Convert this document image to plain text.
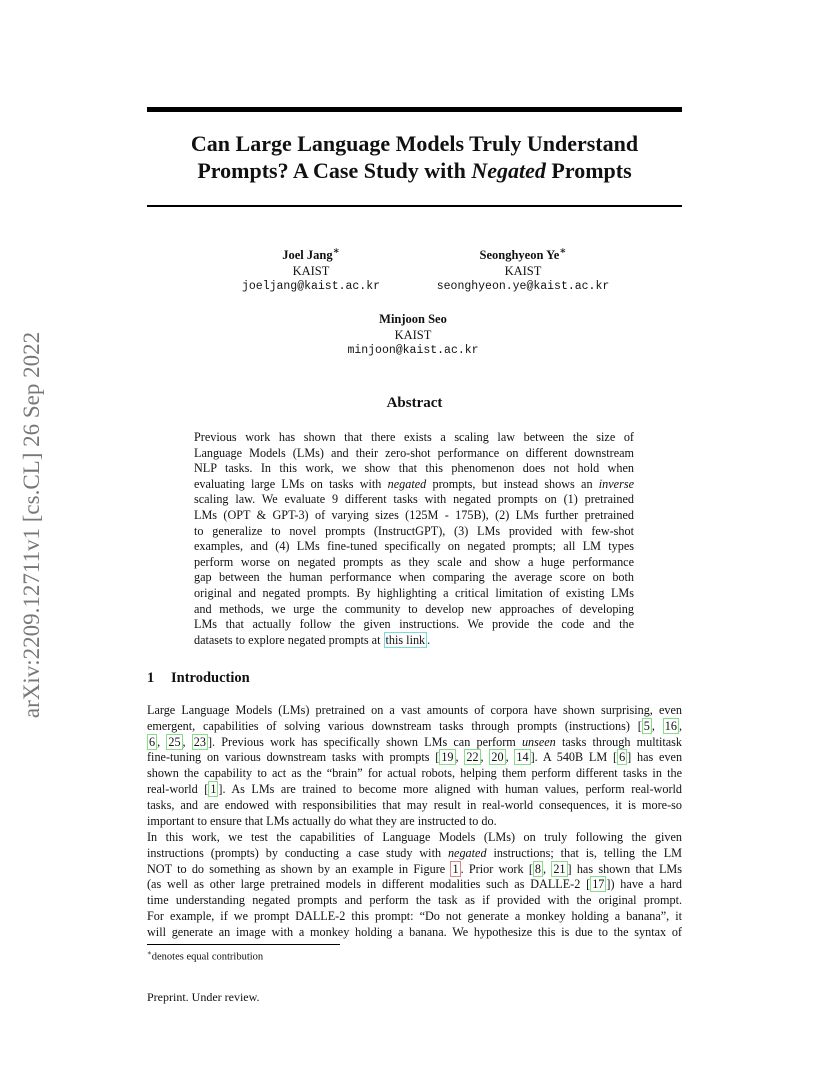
arXiv:2209.12711v1 [cs.CL] 26 Sep 2022
Can Large Language Models Truly Understand
Prompts? A Case Study with Negated Prompts
Joel Jang∗
KAIST
joeljang@kaist.ac.kr
Seonghyeon Ye∗
KAIST
seonghyeon.ye@kaist.ac.kr
Minjoon Seo
KAIST
minjoon@kaist.ac.kr
Abstract
Previous work has shown that there exists a scaling law between the size of
Language Models (LMs) and their zero-shot performance on different downstream
NLP tasks. In this work, we show that this phenomenon does not hold when
evaluating large LMs on tasks with negated prompts, but instead shows an inverse
scaling law. We evaluate 9 different tasks with negated prompts on (1) pretrained
LMs (OPT & GPT-3) of varying sizes (125M - 175B), (2) LMs further pretrained
to generalize to novel prompts (InstructGPT), (3) LMs provided with few-shot
examples, and (4) LMs fine-tuned specifically on negated prompts; all LM types
perform worse on negated prompts as they scale and show a huge performance
gap between the human performance when comparing the average score on both
original and negated prompts. By highlighting a critical limitation of existing LMs
and methods, we urge the community to develop new approaches of developing
LMs that actually follow the given instructions. We provide the code and the
datasets to explore negated prompts at this link .
1 Introduction
Large Language Models (LMs) pretrained on a vast amounts of corpora have shown surprising, even
emergent, capabilities of solving various downstream tasks through prompts (instructions) [ 5 , 16 ,
6 , 25 , 23 ]. Previous work has specifically shown LMs can perform unseen tasks through multitask
fine-tuning on various downstream tasks with prompts [ 19 , 22 , 20 , 14 ]. A 540B LM [ 6 ] has even
shown the capability to act as the “brain” for actual robots, helping them perform different tasks in the
real-world [ 1 ]. As LMs are trained to become more aligned with human values, perform real-world
tasks, and are endowed with responsibilities that may result in real-world consequences, it is more-so
important to ensure that LMs actually do what they are instructed to do.
In this work, we test the capabilities of Language Models (LMs) on truly following the given
instructions (prompts) by conducting a case study with negated instructions; that is, telling the LM
NOT to do something as shown by an example in Figure 1 . Prior work [ 8 , 21 ] has shown that LMs
(as well as other large pretrained models in different modalities such as DALLE-2 [ 17 ]) have a hard
time understanding negated prompts and perform the task as if provided with the original prompt.
For example, if we prompt DALLE-2 this prompt: “Do not generate a monkey holding a banana”, it
will generate an image with a monkey holding a banana. We hypothesize this is due to the syntax of
∗denotes equal contribution
Preprint. Under review.
